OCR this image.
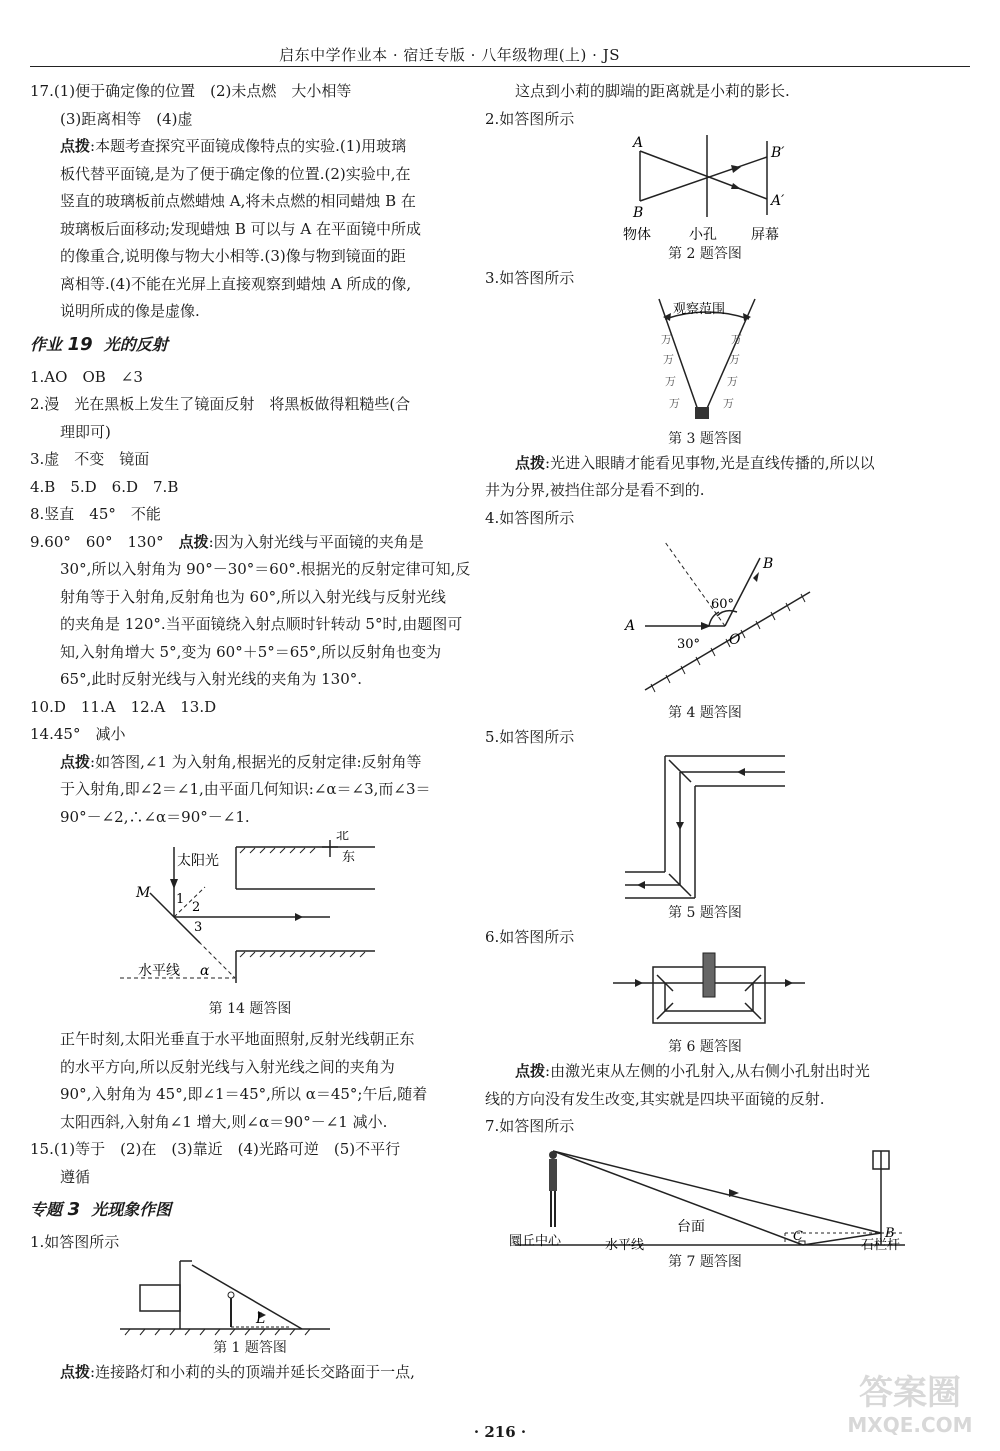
启东中学作业本 · 宿迁专版 · 八年级物理(上) · JS
17.(1)便于确定像的位置　(2)未点燃　大小相等
(3)距离相等　(4)虚
点拨:本题考查探究平面镜成像特点的实验.(1)用玻璃
板代替平面镜,是为了便于确定像的位置.(2)实验中,在
竖直的玻璃板前点燃蜡烛 A,将未点燃的相同蜡烛 B 在
玻璃板后面移动;发现蜡烛 B 可以与 A 在平面镜中所成
的像重合,说明像与物大小相等.(3)像与物到镜面的距
离相等.(4)不能在光屏上直接观察到蜡烛 A 所成的像,
说明所成的像是虚像.
作业 19 光的反射
1.AO　OB　∠3
2.漫　光在黑板上发生了镜面反射　将黑板做得粗糙些(合
理即可)
3.虚　不变　镜面
4.B　5.D　6.D　7.B
8.竖直　45°　不能
9.60°　60°　130°　点拨:因为入射光线与平面镜的夹角是
30°,所以入射角为 90°－30°＝60°.根据光的反射定律可知,反
射角等于入射角,反射角也为 60°,所以入射光线与反射光线
的夹角是 120°.当平面镜绕入射点顺时针转动 5°时,由题图可
知,入射角增大 5°,变为 60°＋5°＝65°,所以反射角也变为
65°,此时反射光线与入射光线的夹角为 130°.
10.D　11.A　12.A　13.D
14.45°　减小
点拨:如答图,∠1 为入射角,根据光的反射定律:反射角等
于入射角,即∠2＝∠1,由平面几何知识:∠α＝∠3,而∠3＝
90°－∠2,∴∠α＝90°－∠1.
太阳光
北
东
M 1
2
3
水平线 α
第 14 题答图
正午时刻,太阳光垂直于水平地面照射,反射光线朝正东
的水平方向,所以反射光线与入射光线之间的夹角为
90°,入射角为 45°,即∠1＝45°,所以 α＝45°;午后,随着
太阳西斜,入射角∠1 增大,则∠α＝90°－∠1 减小.
15.(1)等于　(2)在　(3)靠近　(4)光路可逆　(5)不平行
遵循
专题 3 光现象作图
1.如答图所示
L
第 1 题答图
点拨:连接路灯和小莉的头的顶端并延长交路面于一点,
这点到小莉的脚端的距离就是小莉的影长.
2.如答图所示
A
B
B′
A′
物体	小孔 屏幕
第 2 题答图
3.如答图所示
万
万
万
万
万
万
万
万
观察范围
第 3 题答图
点拨:光进入眼睛才能看见事物,光是直线传播的,所以以
井为分界,被挡住部分是看不到的.
4.如答图所示
B
A
O
60°
30°
第 4 题答图
5.如答图所示
第 5 题答图
6.如答图所示
第 6 题答图
点拨:由激光束从左侧的小孔射入,从右侧小孔射出时光
线的方向没有发生改变,其实就是四块平面镜的反射.
7.如答图所示
台面
圜丘中心	水平线
C	B
石栏杆
第 7 题答图
· 216 ·
答案圈
MXQE.COM
